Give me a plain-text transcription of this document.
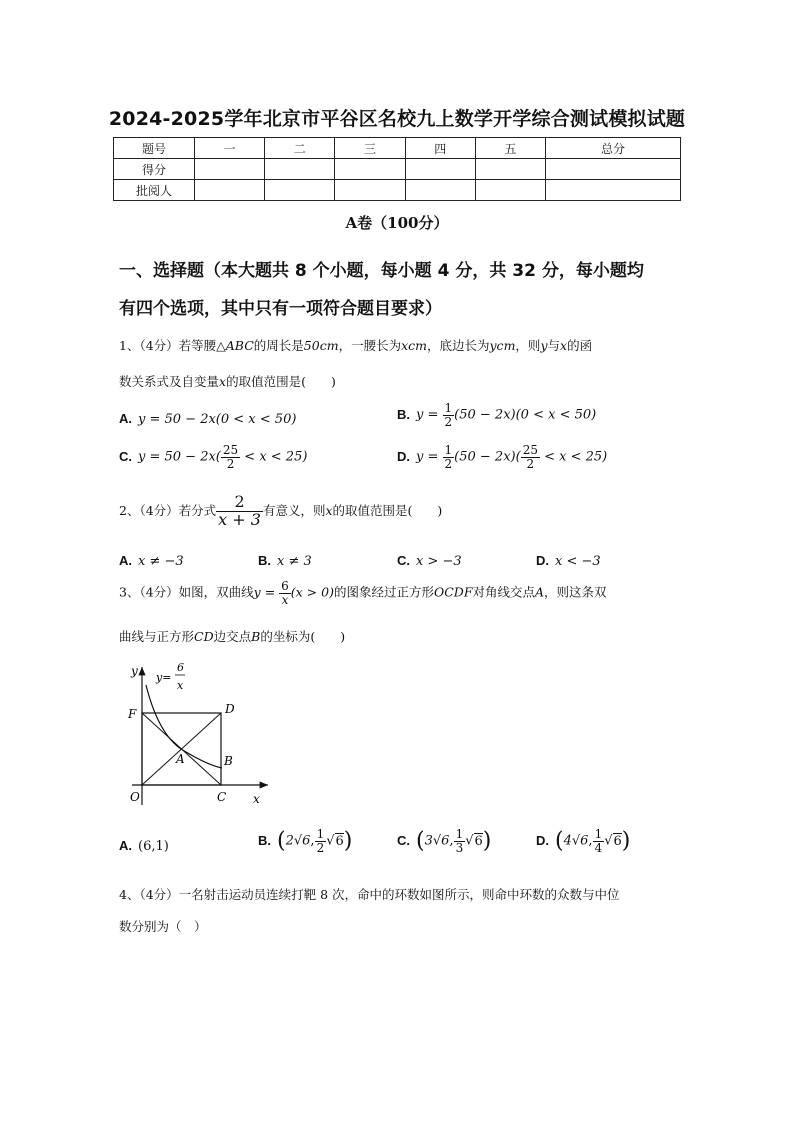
2024-2025学年北京市平谷区名校九上数学开学综合测试模拟试题
题号	一	二	三	四	五	总分
得分						
批阅人						
A卷（100分）
一、选择题（本大题共 8 个小题，每小题 4 分，共 32 分，每小题均
有四个选项，其中只有一项符合题目要求）
1、（4分）若等腰△ABC的周长是50cm，一腰长为xcm，底边长为ycm，则y与x的函
数关系式及自变量x的取值范围是(　　)
A. y = 50 − 2x(0 < x < 50)	B. $y = \frac{1}{2} (50 - 2x)(0 < x < 50)$
C. $y = 50 - 2x( \frac{25}{2} < x < 25)$	D. $y = \frac{1}{2} (50 - 2x)( \frac{25}{2} < x < 25)$
2、（4分）若分式 $\frac{2}{x + 3}$ 有意义，则x的取值范围是(　　)
A. x ≠ −3	B. x ≠ 3	C. x > −3	D. x < −3
3、（4分）如图，双曲线$y = \frac{6}{x} (x > 0)$的图象经过正方形OCDF对角线交点A，则这条双
曲线与正方形CD边交点B的坐标为(　　)
y
x
y=
6
x
F	D
A	B
O	C
A. (6,1)	B. (2√6, $\frac{1}{2} √6$)	C. (3√6, $\frac{1}{3} √6$)	D. (4√6, $\frac{1}{4} √6$)
4、（4分）一名射击运动员连续打靶 8 次，命中的环数如图所示，则命中环数的众数与中位
数分别为（　）
